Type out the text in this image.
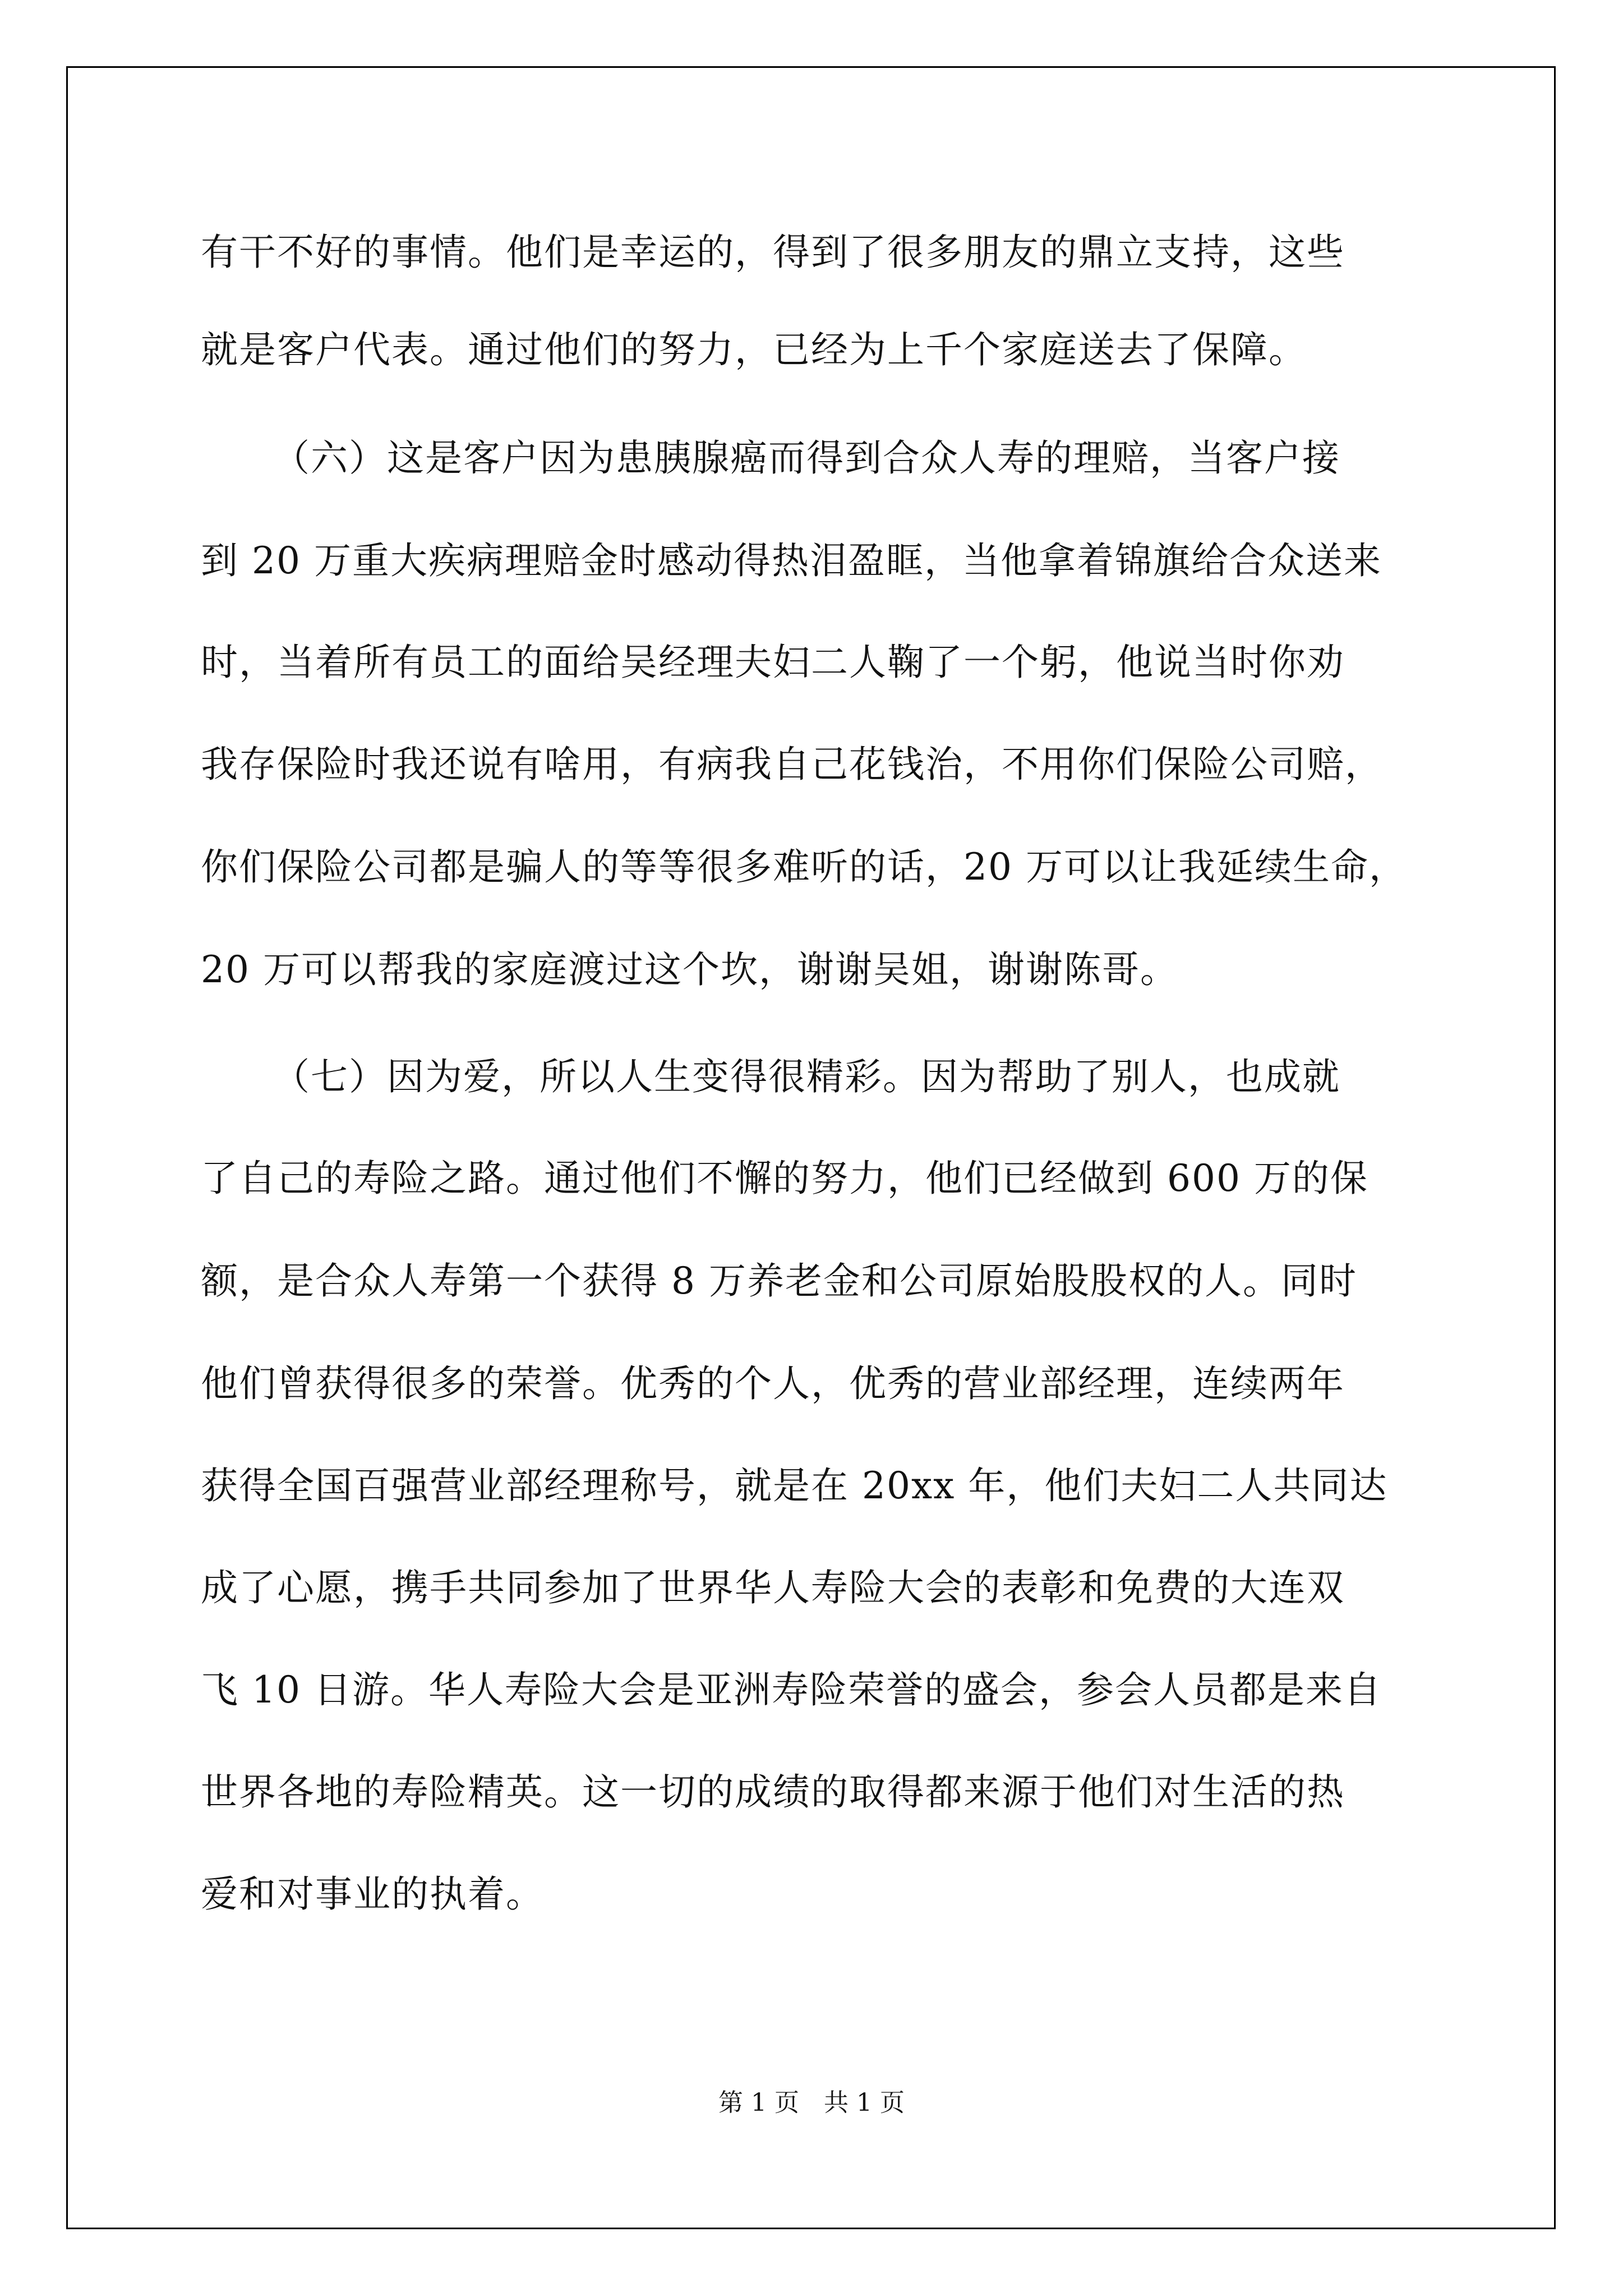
有干不好的事情。他们是幸运的，得到了很多朋友的鼎立支持，这些
就是客户代表。通过他们的努力，已经为上千个家庭送去了保障。
（六）这是客户因为患胰腺癌而得到合众人寿的理赔，当客户接
到 20 万重大疾病理赔金时感动得热泪盈眶，当他拿着锦旗给合众送来
时，当着所有员工的面给吴经理夫妇二人鞠了一个躬，他说当时你劝
我存保险时我还说有啥用，有病我自己花钱治，不用你们保险公司赔，
你们保险公司都是骗人的等等很多难听的话，20 万可以让我延续生命，
20 万可以帮我的家庭渡过这个坎，谢谢吴姐，谢谢陈哥。
（七）因为爱，所以人生变得很精彩。因为帮助了别人，也成就
了自己的寿险之路。通过他们不懈的努力，他们已经做到 600 万的保
额，是合众人寿第一个获得 8 万养老金和公司原始股股权的人。同时
他们曾获得很多的荣誉。优秀的个人，优秀的营业部经理，连续两年
获得全国百强营业部经理称号，就是在 20xx 年，他们夫妇二人共同达
成了心愿，携手共同参加了世界华人寿险大会的表彰和免费的大连双
飞 10 日游。华人寿险大会是亚洲寿险荣誉的盛会，参会人员都是来自
世界各地的寿险精英。这一切的成绩的取得都来源于他们对生活的热
爱和对事业的执着。
第 1 页　共 1 页
